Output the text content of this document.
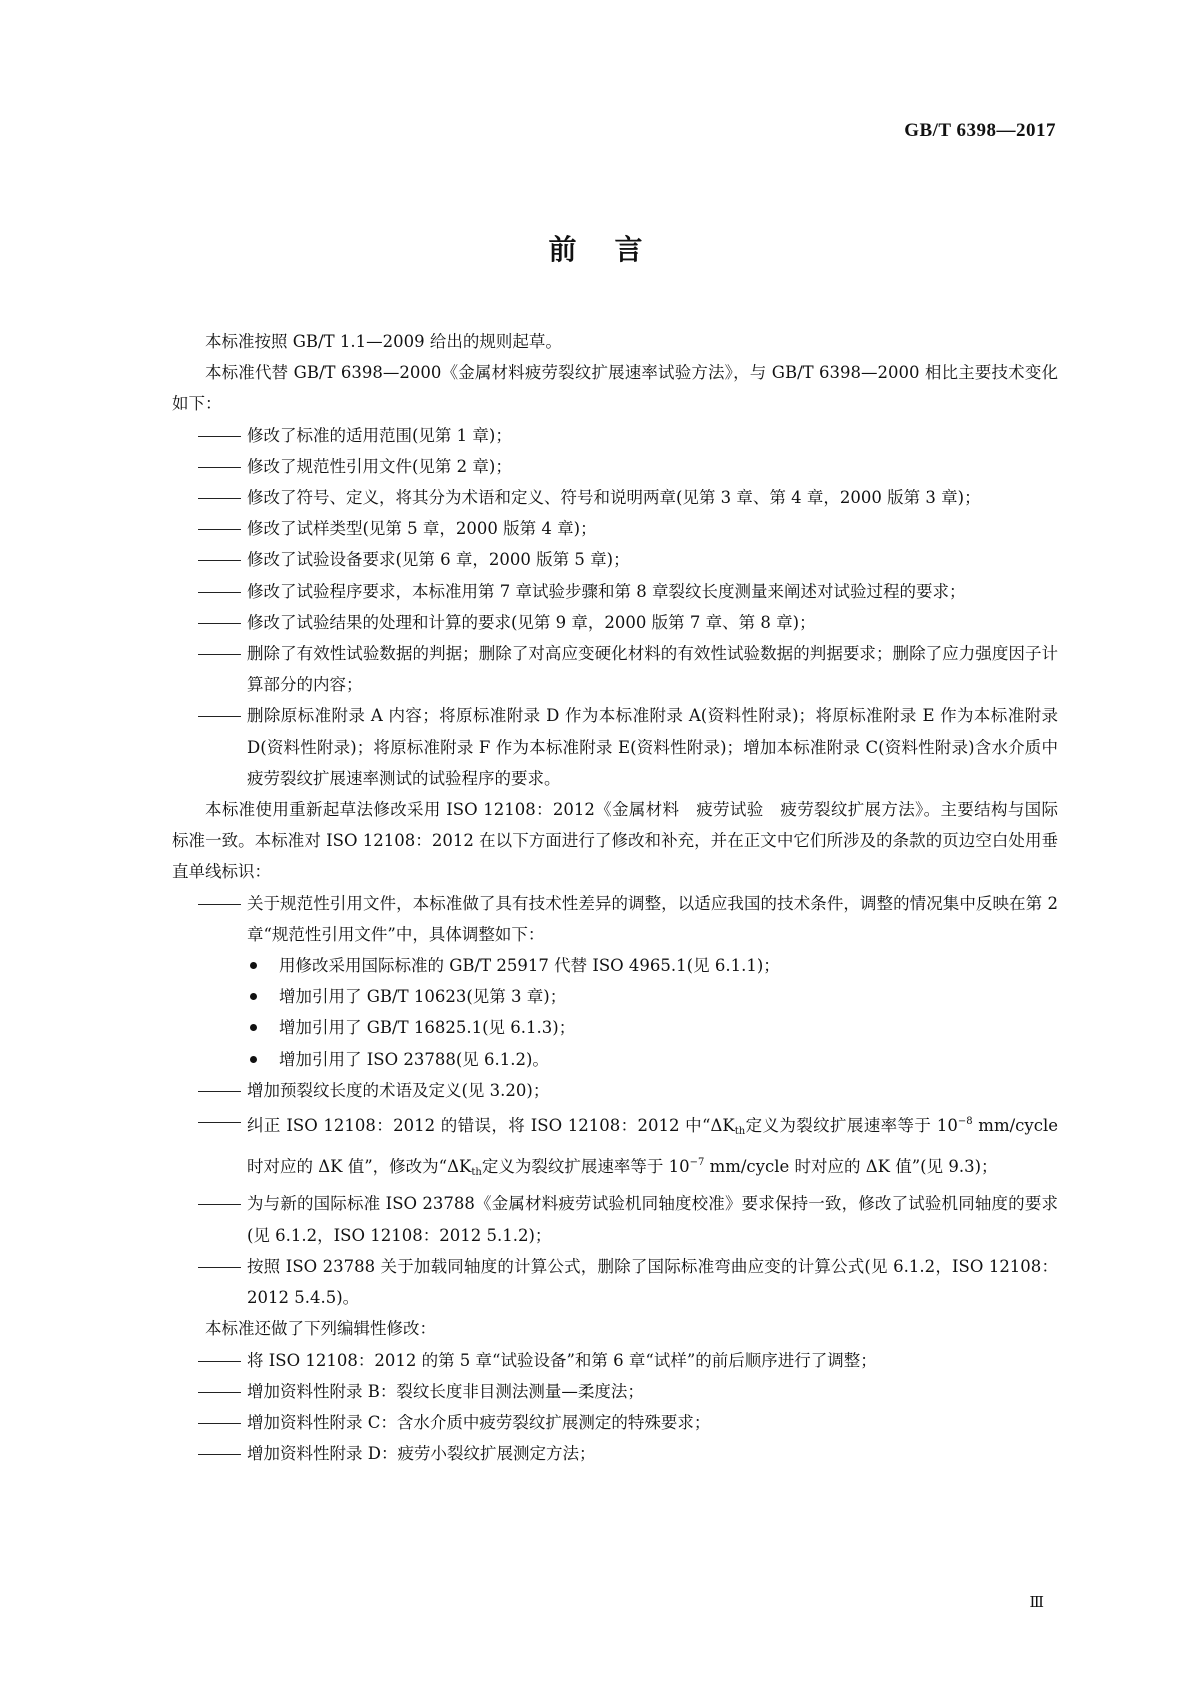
GB/T 6398—2017
前言

本标准按照 GB/T 1.1—2009 给出的规则起草。

本标准代替 GB/T 6398—2000《金属材料疲劳裂纹扩展速率试验方法》，与 GB/T 6398—2000 相比主要技术变化如下：

修改了标准的适用范围(见第 1 章)；

修改了规范性引用文件(见第 2 章)；

修改了符号、定义，将其分为术语和定义、符号和说明两章(见第 3 章、第 4 章，2000 版第 3 章)；

修改了试样类型(见第 5 章，2000 版第 4 章)；

修改了试验设备要求(见第 6 章，2000 版第 5 章)；

修改了试验程序要求，本标准用第 7 章试验步骤和第 8 章裂纹长度测量来阐述对试验过程的要求；

修改了试验结果的处理和计算的要求(见第 9 章，2000 版第 7 章、第 8 章)；

删除了有效性试验数据的判据；删除了对高应变硬化材料的有效性试验数据的判据要求；删除了应力强度因子计算部分的内容；

删除原标准附录 A 内容；将原标准附录 D 作为本标准附录 A(资料性附录)；将原标准附录 E 作为本标准附录 D(资料性附录)；将原标准附录 F 作为本标准附录 E(资料性附录)；增加本标准附录 C(资料性附录)含水介质中疲劳裂纹扩展速率测试的试验程序的要求。

本标准使用重新起草法修改采用 ISO 12108：2012《金属材料　疲劳试验　疲劳裂纹扩展方法》。主要结构与国际标准一致。本标准对 ISO 12108：2012 在以下方面进行了修改和补充，并在正文中它们所涉及的条款的页边空白处用垂直单线标识：

关于规范性引用文件，本标准做了具有技术性差异的调整，以适应我国的技术条件，调整的情况集中反映在第 2 章“规范性引用文件”中，具体调整如下：

用修改采用国际标准的 GB/T 25917 代替 ISO 4965.1(见 6.1.1)；

增加引用了 GB/T 10623(见第 3 章)；

增加引用了 GB/T 16825.1(见 6.1.3)；

增加引用了 ISO 23788(见 6.1.2)。

增加预裂纹长度的术语及定义(见 3.20)；

纠正 ISO 12108：2012 的错误，将 ISO 12108：2012 中“$\Delta K_{th}$定义为裂纹扩展速率等于 $10^{-8}$ mm/cycle 时对应的 ΔK 值”，修改为“$\Delta K_{th}$定义为裂纹扩展速率等于 $10^{-7}$ mm/cycle 时对应的 ΔK 值”(见 9.3)；

为与新的国际标准 ISO 23788《金属材料疲劳试验机同轴度校准》要求保持一致，修改了试验机同轴度的要求(见 6.1.2，ISO 12108：2012 5.1.2)；

按照 ISO 23788 关于加载同轴度的计算公式，删除了国际标准弯曲应变的计算公式(见 6.1.2，ISO 12108：2012 5.4.5)。

本标准还做了下列编辑性修改：

将 ISO 12108：2012 的第 5 章“试验设备”和第 6 章“试样”的前后顺序进行了调整；

增加资料性附录 B：裂纹长度非目测法测量—柔度法；

增加资料性附录 C：含水介质中疲劳裂纹扩展测定的特殊要求；

增加资料性附录 D：疲劳小裂纹扩展测定方法；

Ⅲ
